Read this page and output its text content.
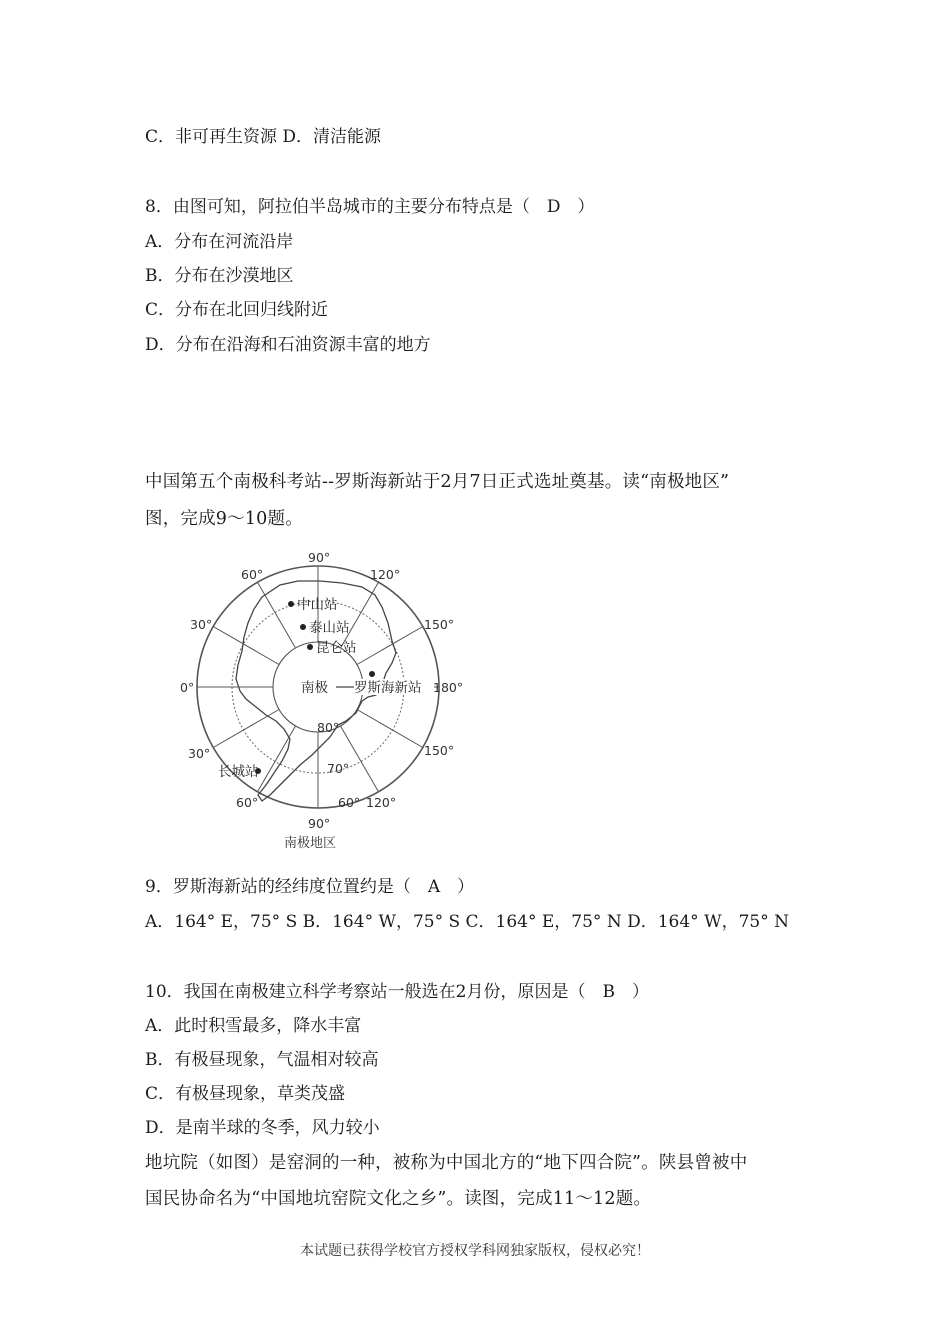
C．非可再生资源 D．清洁能源

8．由图可知，阿拉伯半岛城市的主要分布特点是（　D　）

A．分布在河流沿岸

B．分布在沙漠地区

C．分布在北回归线附近

D．分布在沿海和石油资源丰富的地方

中国第五个南极科考站--罗斯海新站于2月7日正式选址奠基。读“南极地区”

图，完成9～10题。

90°
60°	120°
30°	150°
0°
30°	150°
60°	60° 120°
90°
80°
70°
南极
中山站
泰山站
昆仑站
罗斯海新站 180°
长城站
南极地区

9．罗斯海新站的经纬度位置约是（　A　）

A．164° E，75° S B．164° W，75° S C．164° E，75° N D．164° W，75° N

10．我国在南极建立科学考察站一般选在2月份，原因是（　B　）

A．此时积雪最多，降水丰富

B．有极昼现象，气温相对较高

C．有极昼现象，草类茂盛

D．是南半球的冬季，风力较小

地坑院（如图）是窑洞的一种，被称为中国北方的“地下四合院”。陕县曾被中

国民协命名为“中国地坑窑院文化之乡”。读图，完成11～12题。

本试题已获得学校官方授权学科网独家版权，侵权必究！
